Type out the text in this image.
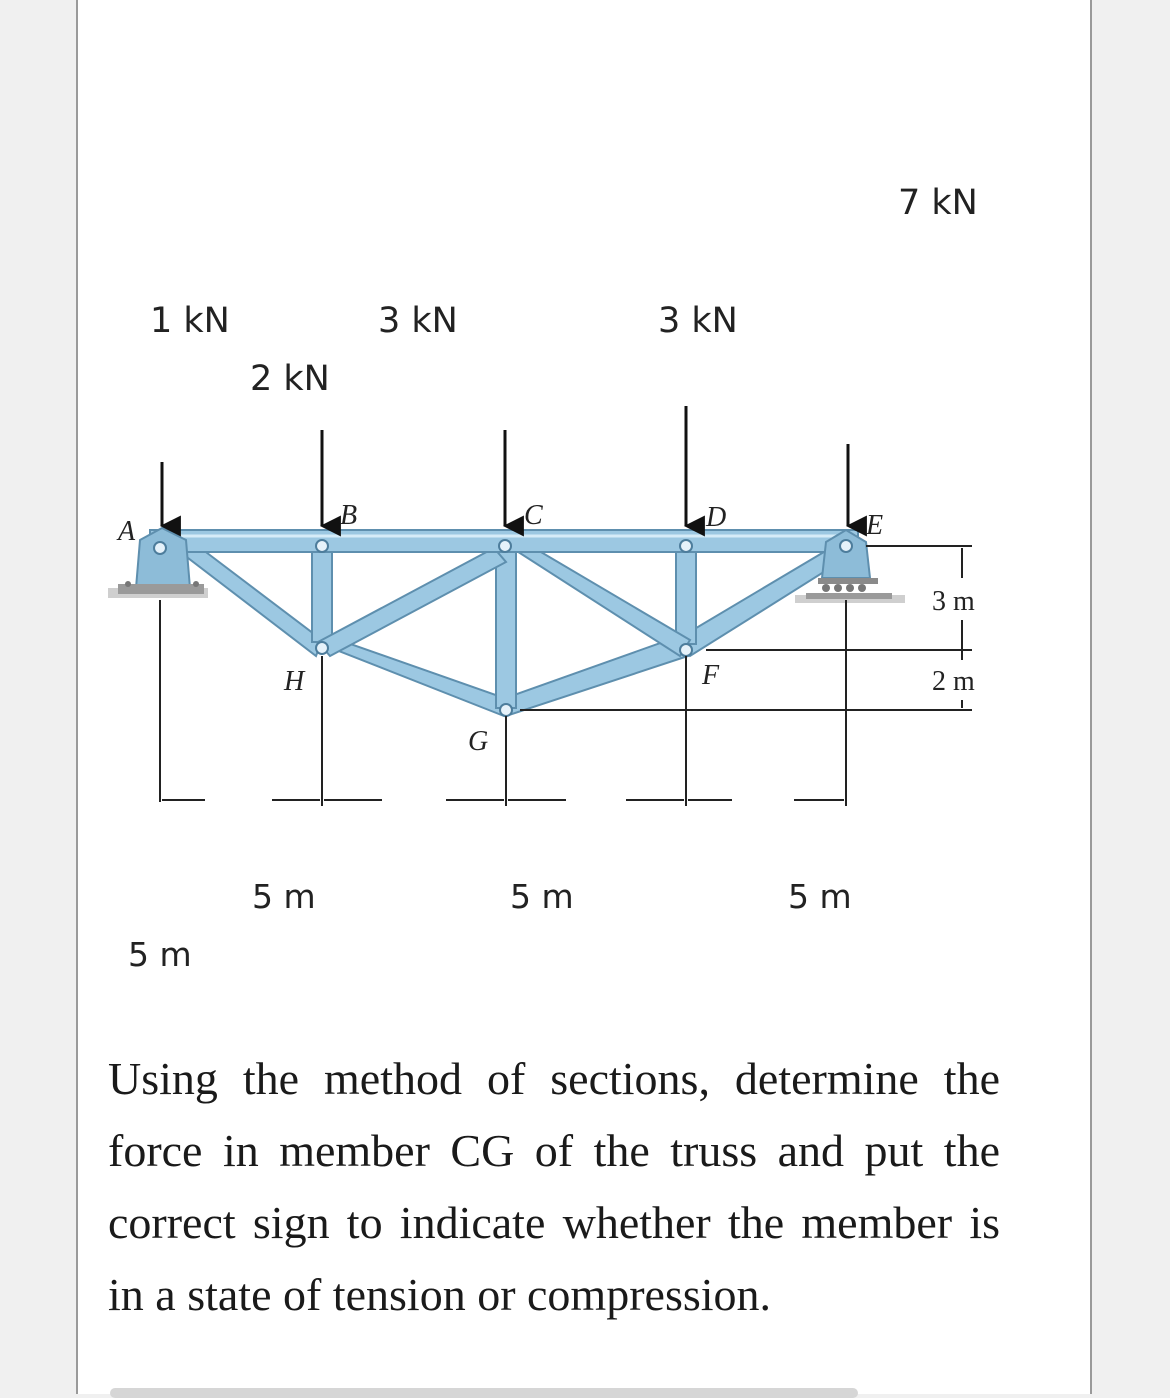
A
B	C	D	E
H
G
F
3 m
2 m
1 kN
2 kN
3 kN	3 kN
7 kN
5 m
5 m	5 m	5 m
Using the method of sections, determine the force in member CG of the truss and put the correct sign to indicate whether the member is in a state of tension or compression.
